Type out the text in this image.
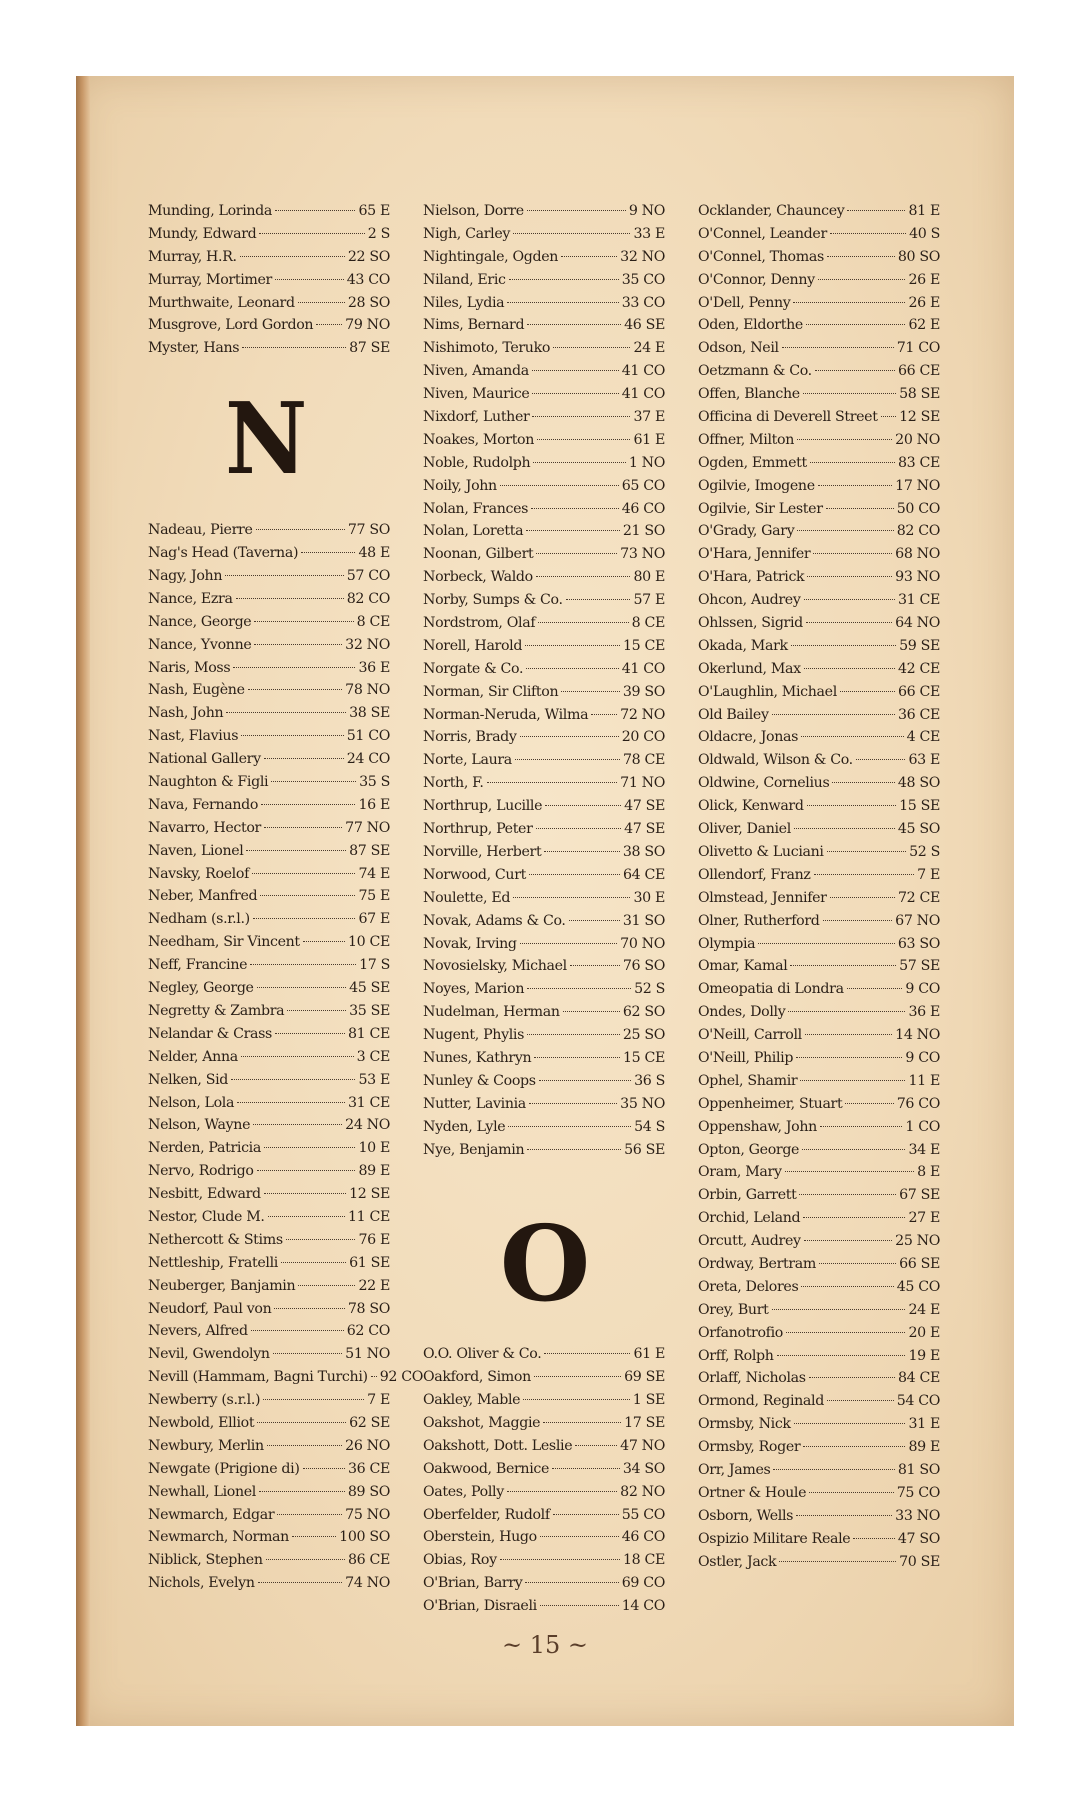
Munding, Lorinda	65 E
Mundy, Edward	2 S
Murray, H.R.	22 SO
Murray, Mortimer	43 CO
Murthwaite, Leonard	28 SO
Musgrove, Lord Gordon 79 NO
Myster, Hans	87 SE
N
Nadeau, Pierre	77 SO
Nag's Head (Taverna)	48 E
Nagy, John	57 CO
Nance, Ezra	82 CO
Nance, George	8 CE
Nance, Yvonne	32 NO
Naris, Moss	36 E
Nash, Eugène	78 NO
Nash, John	38 SE
Nast, Flavius	51 CO
National Gallery	24 CO
Naughton & Figli	35 S
Nava, Fernando	16 E
Navarro, Hector	77 NO
Naven, Lionel	87 SE
Navsky, Roelof	74 E
Neber, Manfred	75 E
Nedham (s.r.l.)	67 E
Needham, Sir Vincent	10 CE
Neff, Francine	17 S
Negley, George	45 SE
Negretty & Zambra	35 SE
Nelandar & Crass	81 CE
Nelder, Anna	3 CE
Nelken, Sid	53 E
Nelson, Lola	31 CE
Nelson, Wayne	24 NO
Nerden, Patricia	10 E
Nervo, Rodrigo	89 E
Nesbitt, Edward	12 SE
Nestor, Clude M.	11 CE
Nethercott & Stims	76 E
Nettleship, Fratelli	61 SE
Neuberger, Banjamin	22 E
Neudorf, Paul von	78 SO
Nevers, Alfred	62 CO
Nevil, Gwendolyn	51 NO
Nevill (Hammam, Bagni Turchi) 92 CO
Newberry (s.r.l.)	7 E
Newbold, Elliot	62 SE
Newbury, Merlin	26 NO
Newgate (Prigione di)	36 CE
Newhall, Lionel	89 SO
Newmarch, Edgar	75 NO
Newmarch, Norman	100 SO
Niblick, Stephen	86 CE
Nichols, Evelyn	74 NO
Nielson, Dorre	9 NO
Nigh, Carley	33 E
Nightingale, Ogden	32 NO
Niland, Eric	35 CO
Niles, Lydia	33 CO
Nims, Bernard	46 SE
Nishimoto, Teruko	24 E
Niven, Amanda	41 CO
Niven, Maurice	41 CO
Nixdorf, Luther	37 E
Noakes, Morton	61 E
Noble, Rudolph	1 NO
Noily, John	65 CO
Nolan, Frances	46 CO
Nolan, Loretta	21 SO
Noonan, Gilbert	73 NO
Norbeck, Waldo	80 E
Norby, Sumps & Co.	57 E
Nordstrom, Olaf	8 CE
Norell, Harold	15 CE
Norgate & Co.	41 CO
Norman, Sir Clifton	39 SO
Norman-Neruda, Wilma 72 NO
Norris, Brady	20 CO
Norte, Laura	78 CE
North, F.	71 NO
Northrup, Lucille	47 SE
Northrup, Peter	47 SE
Norville, Herbert	38 SO
Norwood, Curt	64 CE
Noulette, Ed	30 E
Novak, Adams & Co.	31 SO
Novak, Irving	70 NO
Novosielsky, Michael	76 SO
Noyes, Marion	52 S
Nudelman, Herman	62 SO
Nugent, Phylis	25 SO
Nunes, Kathryn	15 CE
Nunley & Coops	36 S
Nutter, Lavinia	35 NO
Nyden, Lyle	54 S
Nye, Benjamin	56 SE
O
O.O. Oliver & Co.	61 E
Oakford, Simon	69 SE
Oakley, Mable	1 SE
Oakshot, Maggie	17 SE
Oakshott, Dott. Leslie	47 NO
Oakwood, Bernice	34 SO
Oates, Polly	82 NO
Oberfelder, Rudolf	55 CO
Oberstein, Hugo	46 CO
Obias, Roy	18 CE
O'Brian, Barry	69 CO
O'Brian, Disraeli	14 CO
Ocklander, Chauncey	81 E
O'Connel, Leander	40 S
O'Connel, Thomas	80 SO
O'Connor, Denny	26 E
O'Dell, Penny	26 E
Oden, Eldorthe	62 E
Odson, Neil	71 CO
Oetzmann & Co.	66 CE
Offen, Blanche	58 SE
Officina di Deverell Street 12 SE
Offner, Milton	20 NO
Ogden, Emmett	83 CE
Ogilvie, Imogene	17 NO
Ogilvie, Sir Lester	50 CO
O'Grady, Gary	82 CO
O'Hara, Jennifer	68 NO
O'Hara, Patrick	93 NO
Ohcon, Audrey	31 CE
Ohlssen, Sigrid	64 NO
Okada, Mark	59 SE
Okerlund, Max	42 CE
O'Laughlin, Michael	66 CE
Old Bailey	36 CE
Oldacre, Jonas	4 CE
Oldwald, Wilson & Co.	63 E
Oldwine, Cornelius	48 SO
Olick, Kenward	15 SE
Oliver, Daniel	45 SO
Olivetto & Luciani	52 S
Ollendorf, Franz	7 E
Olmstead, Jennifer	72 CE
Olner, Rutherford	67 NO
Olympia	63 SO
Omar, Kamal	57 SE
Omeopatia di Londra	9 CO
Ondes, Dolly	36 E
O'Neill, Carroll	14 NO
O'Neill, Philip	9 CO
Ophel, Shamir	11 E
Oppenheimer, Stuart	76 CO
Oppenshaw, John	1 CO
Opton, George	34 E
Oram, Mary	8 E
Orbin, Garrett	67 SE
Orchid, Leland	27 E
Orcutt, Audrey	25 NO
Ordway, Bertram	66 SE
Oreta, Delores	45 CO
Orey, Burt	24 E
Orfanotrofio	20 E
Orff, Rolph	19 E
Orlaff, Nicholas	84 CE
Ormond, Reginald	54 CO
Ormsby, Nick	31 E
Ormsby, Roger	89 E
Orr, James	81 SO
Ortner & Houle	75 CO
Osborn, Wells	33 NO
Ospizio Militare Reale	47 SO
Ostler, Jack	70 SE
~ 15 ~
